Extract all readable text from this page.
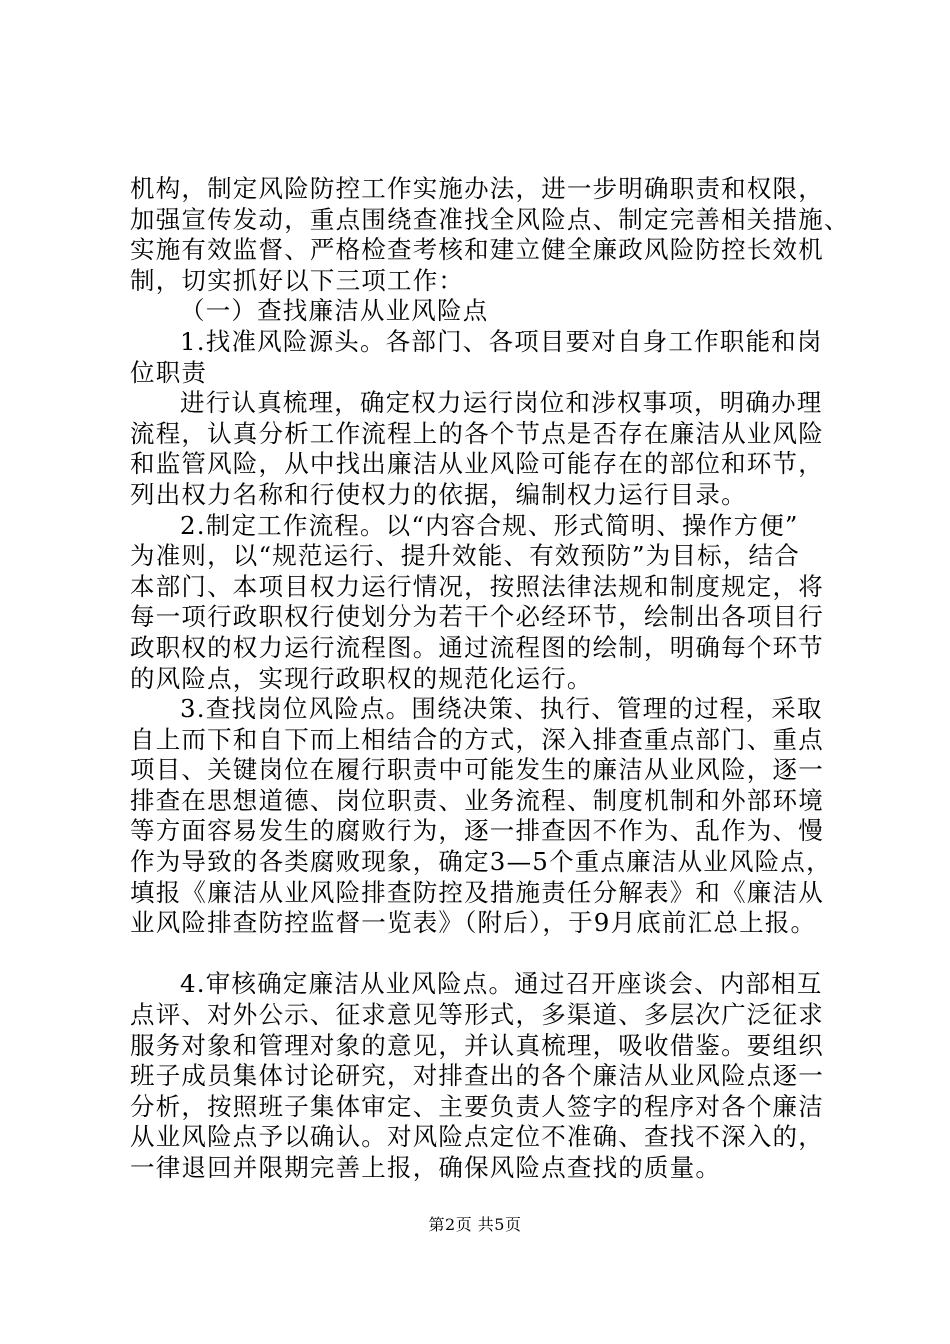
机构，制定风险防控工作实施办法，进一步明确职责和权限，
加强宣传发动，重点围绕查准找全风险点、制定完善相关措施、
实施有效监督、严格检查考核和建立健全廉政风险防控长效机
制，切实抓好以下三项工作：
（一）查找廉洁从业风险点
1.找准风险源头。各部门、各项目要对自身工作职能和岗
位职责
进行认真梳理，确定权力运行岗位和涉权事项，明确办理
流程，认真分析工作流程上的各个节点是否存在廉洁从业风险
和监管风险，从中找出廉洁从业风险可能存在的部位和环节，
列出权力名称和行使权力的依据，编制权力运行目录。
2.制定工作流程。以“内容合规、形式简明、操作方便”
为准则，以“规范运行、提升效能、有效预防”为目标，结合
本部门、本项目权力运行情况，按照法律法规和制度规定，将
每一项行政职权行使划分为若干个必经环节，绘制出各项目行
政职权的权力运行流程图。通过流程图的绘制，明确每个环节
的风险点，实现行政职权的规范化运行。
3.查找岗位风险点。围绕决策、执行、管理的过程，采取
自上而下和自下而上相结合的方式，深入排查重点部门、重点
项目、关键岗位在履行职责中可能发生的廉洁从业风险，逐一
排查在思想道德、岗位职责、业务流程、制度机制和外部环境
等方面容易发生的腐败行为，逐一排查因不作为、乱作为、慢
作为导致的各类腐败现象，确定3—5个重点廉洁从业风险点，
填报《廉洁从业风险排查防控及措施责任分解表》和《廉洁从
业风险排查防控监督一览表》（附后），于9月底前汇总上报。
4.审核确定廉洁从业风险点。通过召开座谈会、内部相互
点评、对外公示、征求意见等形式，多渠道、多层次广泛征求
服务对象和管理对象的意见，并认真梳理，吸收借鉴。要组织
班子成员集体讨论研究，对排查出的各个廉洁从业风险点逐一
分析，按照班子集体审定、主要负责人签字的程序对各个廉洁
从业风险点予以确认。对风险点定位不准确、查找不深入的，
一律退回并限期完善上报，确保风险点查找的质量。
第2页 共5页
